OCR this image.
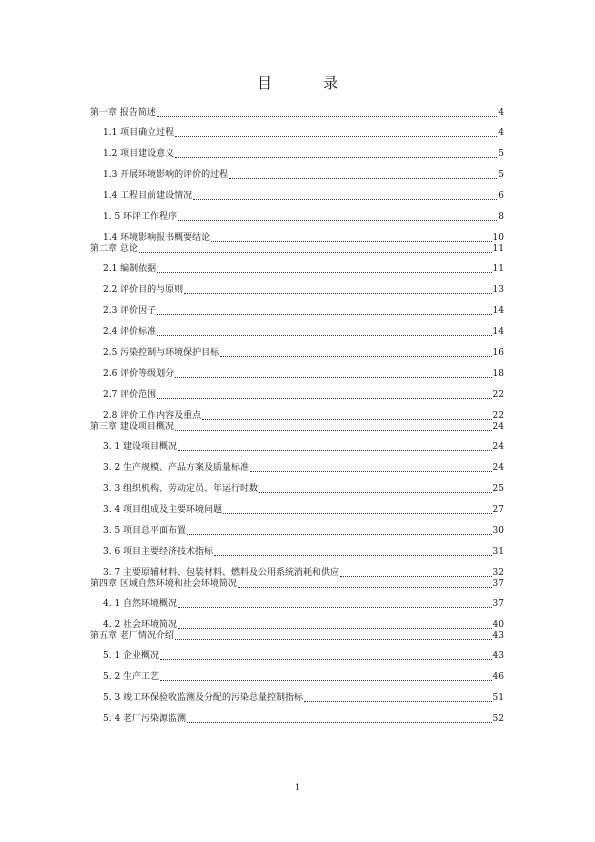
目　录
第一章 报告简述	4
1.1 项目确立过程	4
1.2 项目建设意义	5
1.3 开展环境影响的评价的过程	5
1.4 工程目前建设情况	6
1. 5 环评工作程序	8
1.4 环境影响报书概要结论	10
第二章 总论	11
2.1 编制依据	11
2.2 评价目的与原则	13
2.3 评价因子	14
2.4 评价标准	14
2.5 污染控制与环境保护目标	16
2.6 评价等级划分	18
2.7 评价范围	22
2.8 评价工作内容及重点	22
第三章 建设项目概况	24
3. 1 建设项目概况	24
3. 2 生产规模、产品方案及质量标准	24
3. 3 组织机构、劳动定员、年运行时数	25
3. 4 项目组成及主要环境问题	27
3. 5 项目总平面布置	30
3. 6 项目主要经济技术指标	31
3. 7 主要原辅材料、包装材料、燃料及公用系统消耗和供应	32
第四章 区域自然环境和社会环境简况	37
4. 1 自然环境概况	37
4. 2 社会环境简况	40
第五章 老厂情况介绍	43
5. 1 企业概况	43
5. 2 生产工艺	46
5. 3 竣工环保验收监测及分配的污染总量控制指标	51
5. 4 老厂污染源监测	52
1
